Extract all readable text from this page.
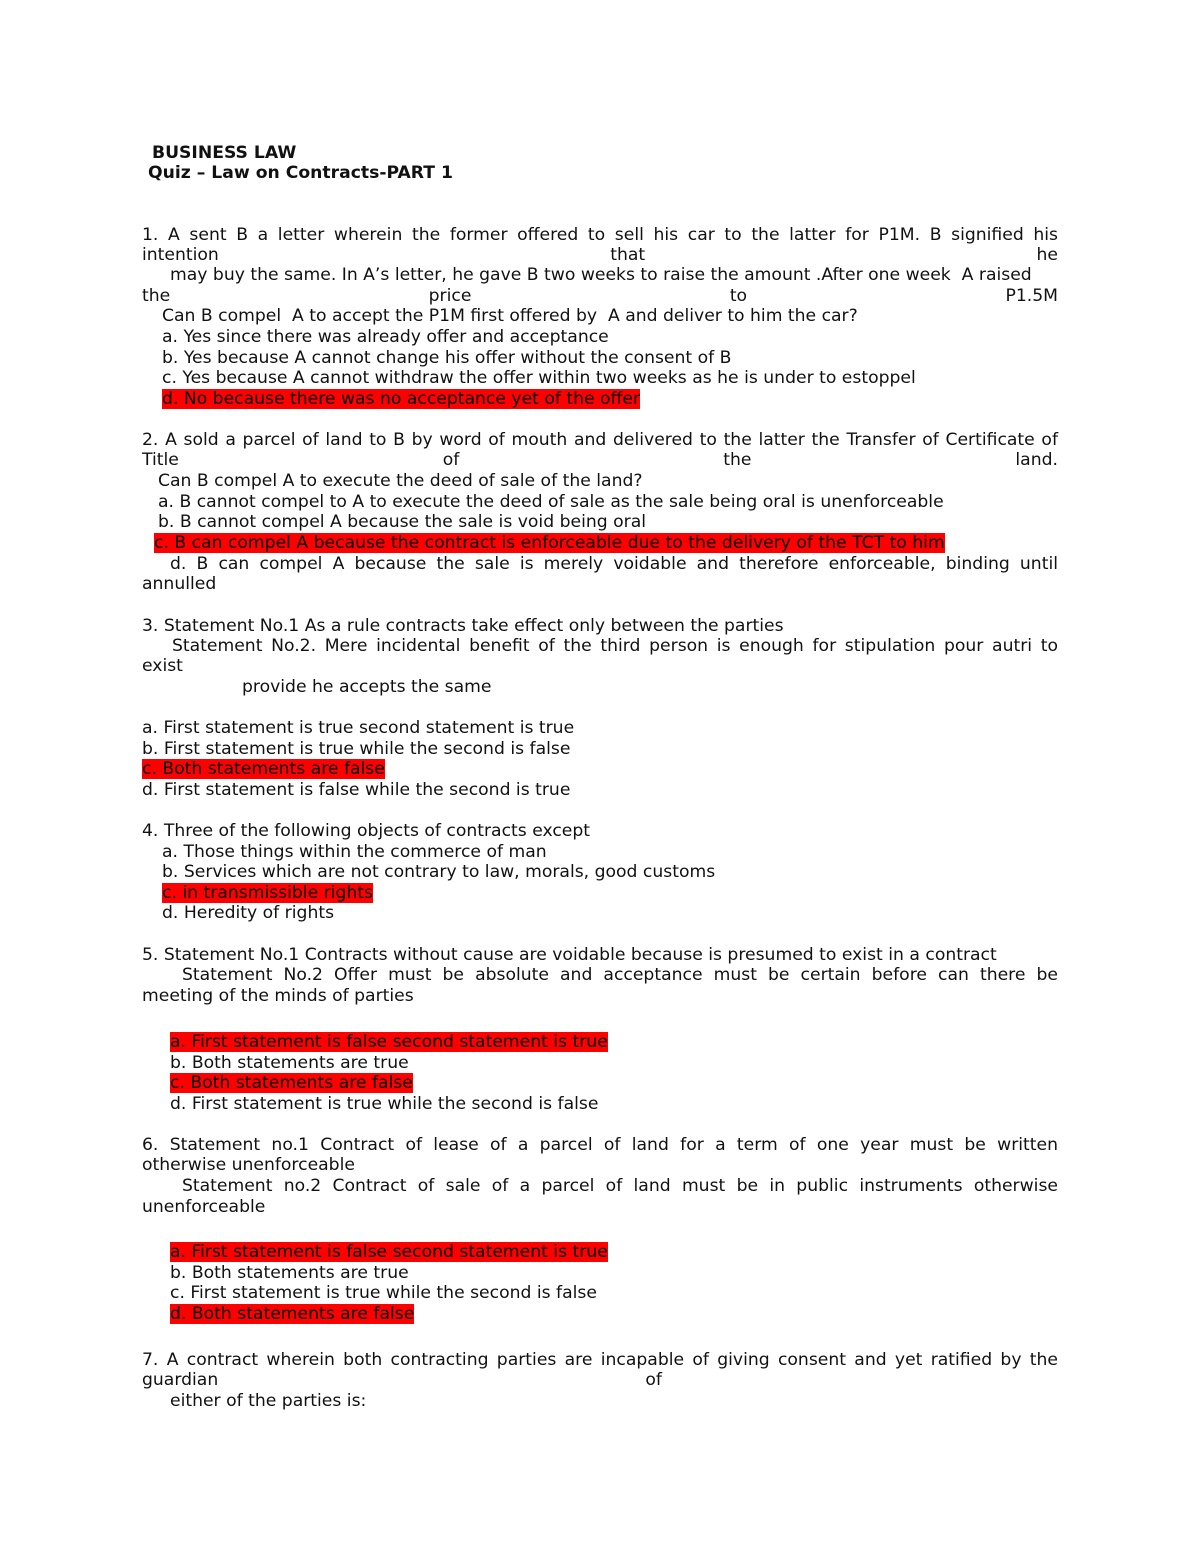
BUSINESS LAW
Quiz – Law on Contracts-PART 1
1. A sent B a letter wherein the former offered to sell his car to the latter for P1M. B signified his
intention	that	he
may buy the same. In A’s letter, he gave B two weeks to raise the amount .After one week  A raised
the	price	to	P1.5M
Can B compel  A to accept the P1M first offered by  A and deliver to him the car?
a. Yes since there was already offer and acceptance
b. Yes because A cannot change his offer without the consent of B
c. Yes because A cannot withdraw the offer within two weeks as he is under to estoppel
d. No because there was no acceptance yet of the offer
2. A sold a parcel of land to B by word of mouth and delivered to the latter the Transfer of Certificate of
Title	of	the	land.
Can B compel A to execute the deed of sale of the land?
a. B cannot compel to A to execute the deed of sale as the sale being oral is unenforceable
b. B cannot compel A because the sale is void being oral
c. B can compel A because the contract is enforceable due to the delivery of the TCT to him
d. B can compel A because the sale is merely voidable and therefore enforceable, binding until
annulled
3. Statement No.1 As a rule contracts take effect only between the parties
Statement No.2. Mere incidental benefit of the third person is enough for stipulation pour autri to
exist
provide he accepts the same
a. First statement is true second statement is true
b. First statement is true while the second is false
c. Both statements are false
d. First statement is false while the second is true
4. Three of the following objects of contracts except
a. Those things within the commerce of man
b. Services which are not contrary to law, morals, good customs
c. in transmissible rights
d. Heredity of rights
5. Statement No.1 Contracts without cause are voidable because is presumed to exist in a contract
Statement No.2 Offer must be absolute and acceptance must be certain before can there be
meeting of the minds of parties
a. First statement is false second statement is true
b. Both statements are true
c. Both statements are false
d. First statement is true while the second is false
6. Statement no.1 Contract of lease of a parcel of land for a term of one year must be written
otherwise unenforceable
Statement no.2 Contract of sale of a parcel of land must be in public instruments otherwise
unenforceable
a. First statement is false second statement is true
b. Both statements are true
c. First statement is true while the second is false
d. Both statements are false
7. A contract wherein both contracting parties are incapable of giving consent and yet ratified by the
guardian	of
either of the parties is:
